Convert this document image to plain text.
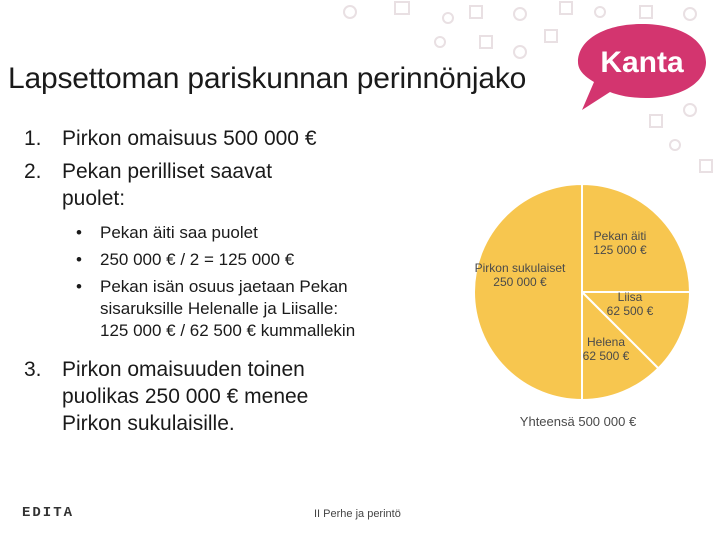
Lapsettoman pariskunnan perinnönjako Kanta
1. Pirkon omaisuus 500 000 €
2. Pekan perilliset saavat puolet:
• Pekan äiti saa puolet
• 250 000 € / 2 = 125 000 €
• Pekan isän osuus jaetaan Pekan sisaruksille Helenalle ja Liisalle: 125 000 € / 62 500 € kummallekin
3. Pirkon omaisuuden toinen puolikas 250 000 € menee Pirkon sukulaisille.
Pekan äiti
125 000 €
Liisa
62 500 €
Helena
62 500 €
Pirkon sukulaiset
250 000 €
Yhteensä 500 000 €
EDITA	II Perhe ja perintö
